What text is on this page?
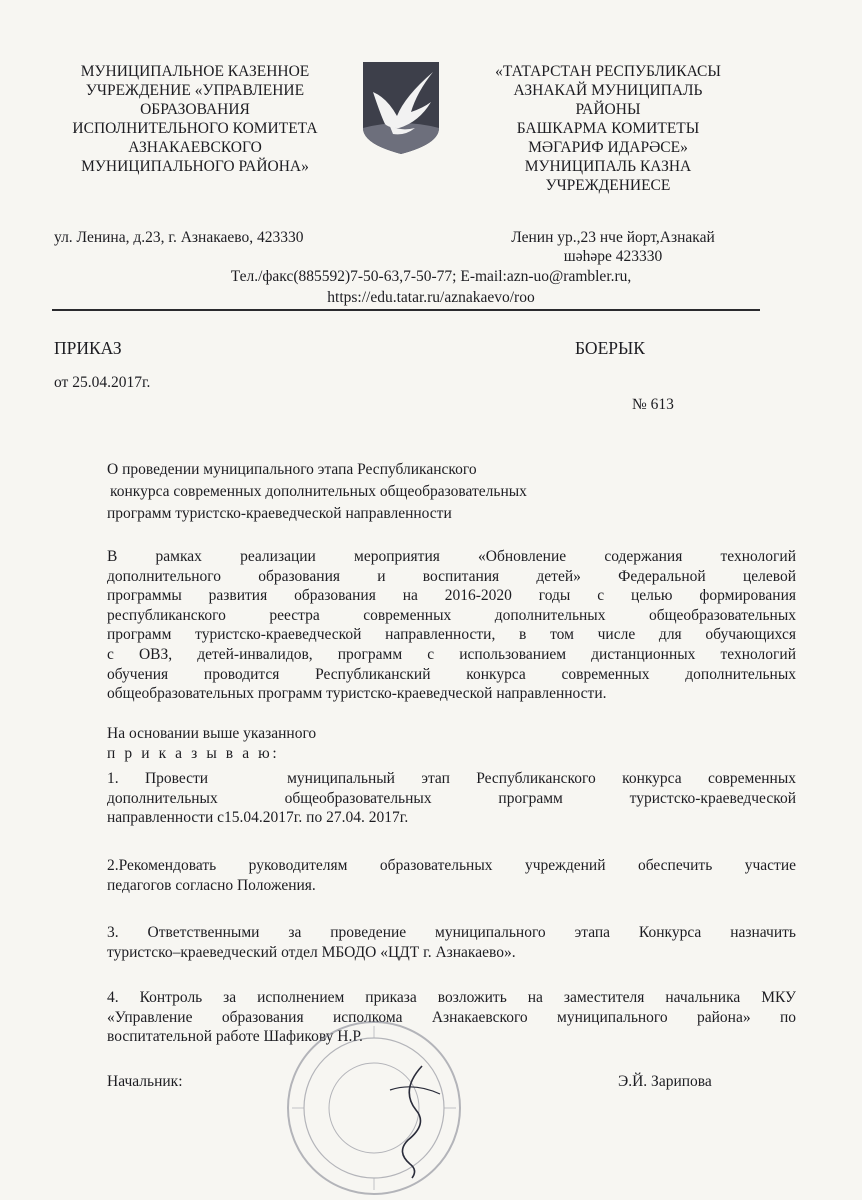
МУНИЦИПАЛЬНОЕ КАЗЕННОЕ
УЧРЕЖДЕНИЕ «УПРАВЛЕНИЕ
ОБРАЗОВАНИЯ
ИСПОЛНИТЕЛЬНОГО КОМИТЕТА
АЗНАКАЕВСКОГО
МУНИЦИПАЛЬНОГО РАЙОНА»

«ТАТАРСТАН РЕСПУБЛИКАСЫ
АЗНАКАЙ МУНИЦИПАЛЬ
РАЙОНЫ
БАШКАРМА КОМИТЕТЫ
МӘГАРИФ ИДАРӘСЕ»
МУНИЦИПАЛЬ КАЗНА
УЧРЕЖДЕНИЕСЕ

ул. Ленина, д.23, г. Азнакаево, 423330	Ленин ур.,23 нче йорт,Азнакай
шәһәре 423330
Тел./факс(885592)7-50-63,7-50-77; E-mail:azn-uo@rambler.ru,
https://edu.tatar.ru/aznakaevo/roo
ПРИКАЗ	БОЕРЫК
от 25.04.2017г.
№ 613
О проведении муниципального этапа Республиканского
конкурса современных дополнительных общеобразовательных
программ туристско-краеведческой направленности
В рамках реализации мероприятия «Обновление содержания технологий
дополнительного образования и воспитания детей» Федеральной целевой
программы развития образования на 2016-2020 годы с целью формирования
республиканского реестра современных дополнительных общеобразовательных
программ туристско-краеведческой направленности, в том числе для обучающихся
с ОВЗ, детей-инвалидов, программ с использованием дистанционных технологий
обучения проводится Республиканский конкурса современных дополнительных
общеобразовательных программ туристско-краеведческой направленности.
На основании выше указанного
п р и к а з ы в а ю:
1. Провести   муниципальный этап Республиканского конкурса современных
дополнительных общеобразовательных программ туристско-краеведческой
направленности с15.04.2017г. по 27.04. 2017г.
2.Рекомендовать руководителям образовательных учреждений обеспечить участие
педагогов согласно Положения.
3. Ответственными за проведение муниципального этапа Конкурса назначить
туристско–краеведческий отдел МБОДО «ЦДТ г. Азнакаево».
4. Контроль за исполнением приказа возложить на заместителя начальника МКУ
«Управление образования исполкома Азнакаевского муниципального района» по
воспитательной работе Шафикову Н.Р.
Начальник:	Э.Й. Зарипова
